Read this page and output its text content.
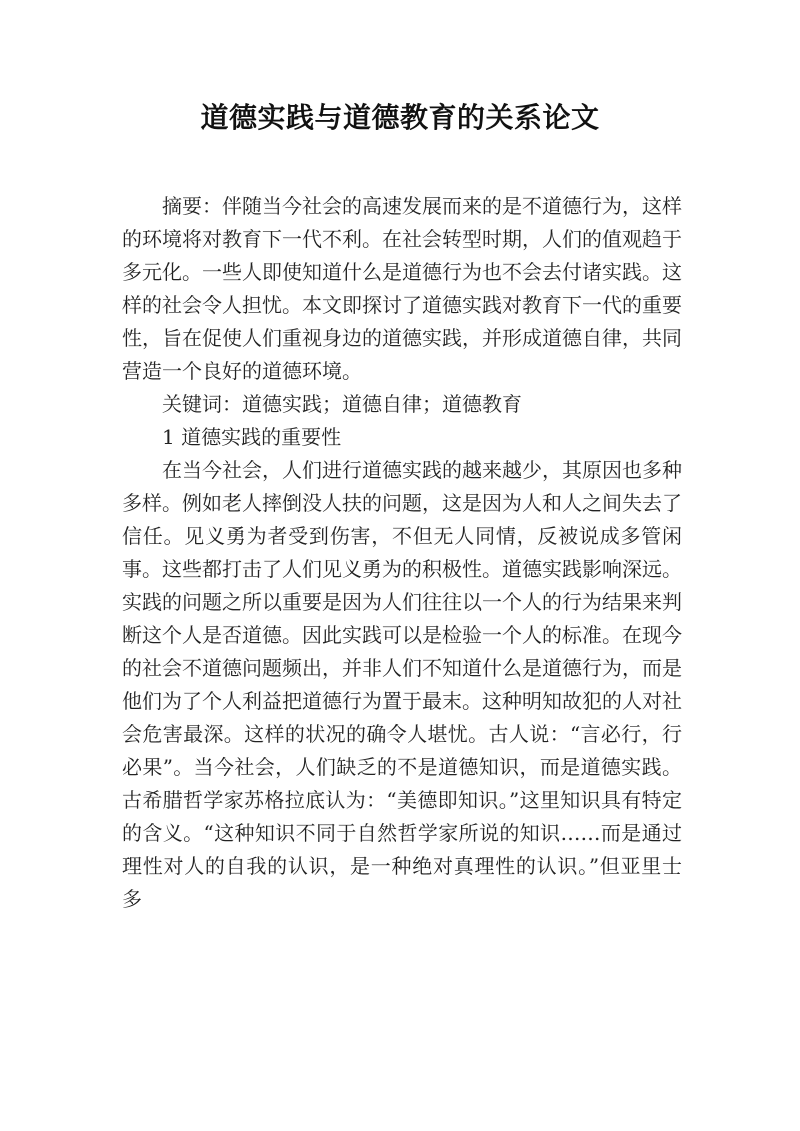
道德实践与道德教育的关系论文

摘要：伴随当今社会的高速发展而来的是不道德行为，这样的环境将对教育下一代不利。在社会转型时期，人们的值观趋于多元化。一些人即使知道什么是道德行为也不会去付诸实践。这样的社会令人担忧。本文即探讨了道德实践对教育下一代的重要性，旨在促使人们重视身边的道德实践，并形成道德自律，共同营造一个良好的道德环境。

关键词：道德实践；道德自律；道德教育

1 道德实践的重要性

在当今社会，人们进行道德实践的越来越少，其原因也多种多样。例如老人摔倒没人扶的问题，这是因为人和人之间失去了信任。见义勇为者受到伤害，不但无人同情，反被说成多管闲事。这些都打击了人们见义勇为的积极性。道德实践影响深远。实践的问题之所以重要是因为人们往往以一个人的行为结果来判断这个人是否道德。因此实践可以是检验一个人的标准。在现今的社会不道德问题频出，并非人们不知道什么是道德行为，而是他们为了个人利益把道德行为置于最末。这种明知故犯的人对社会危害最深。这样的状况的确令人堪忧。古人说：“言必行，行必果”。当今社会，人们缺乏的不是道德知识，而是道德实践。古希腊哲学家苏格拉底认为：“美德即知识。”这里知识具有特定的含义。“这种知识不同于自然哲学家所说的知识……而是通过理性对人的自我的认识，是一种绝对真理性的认识。”但亚里士多
